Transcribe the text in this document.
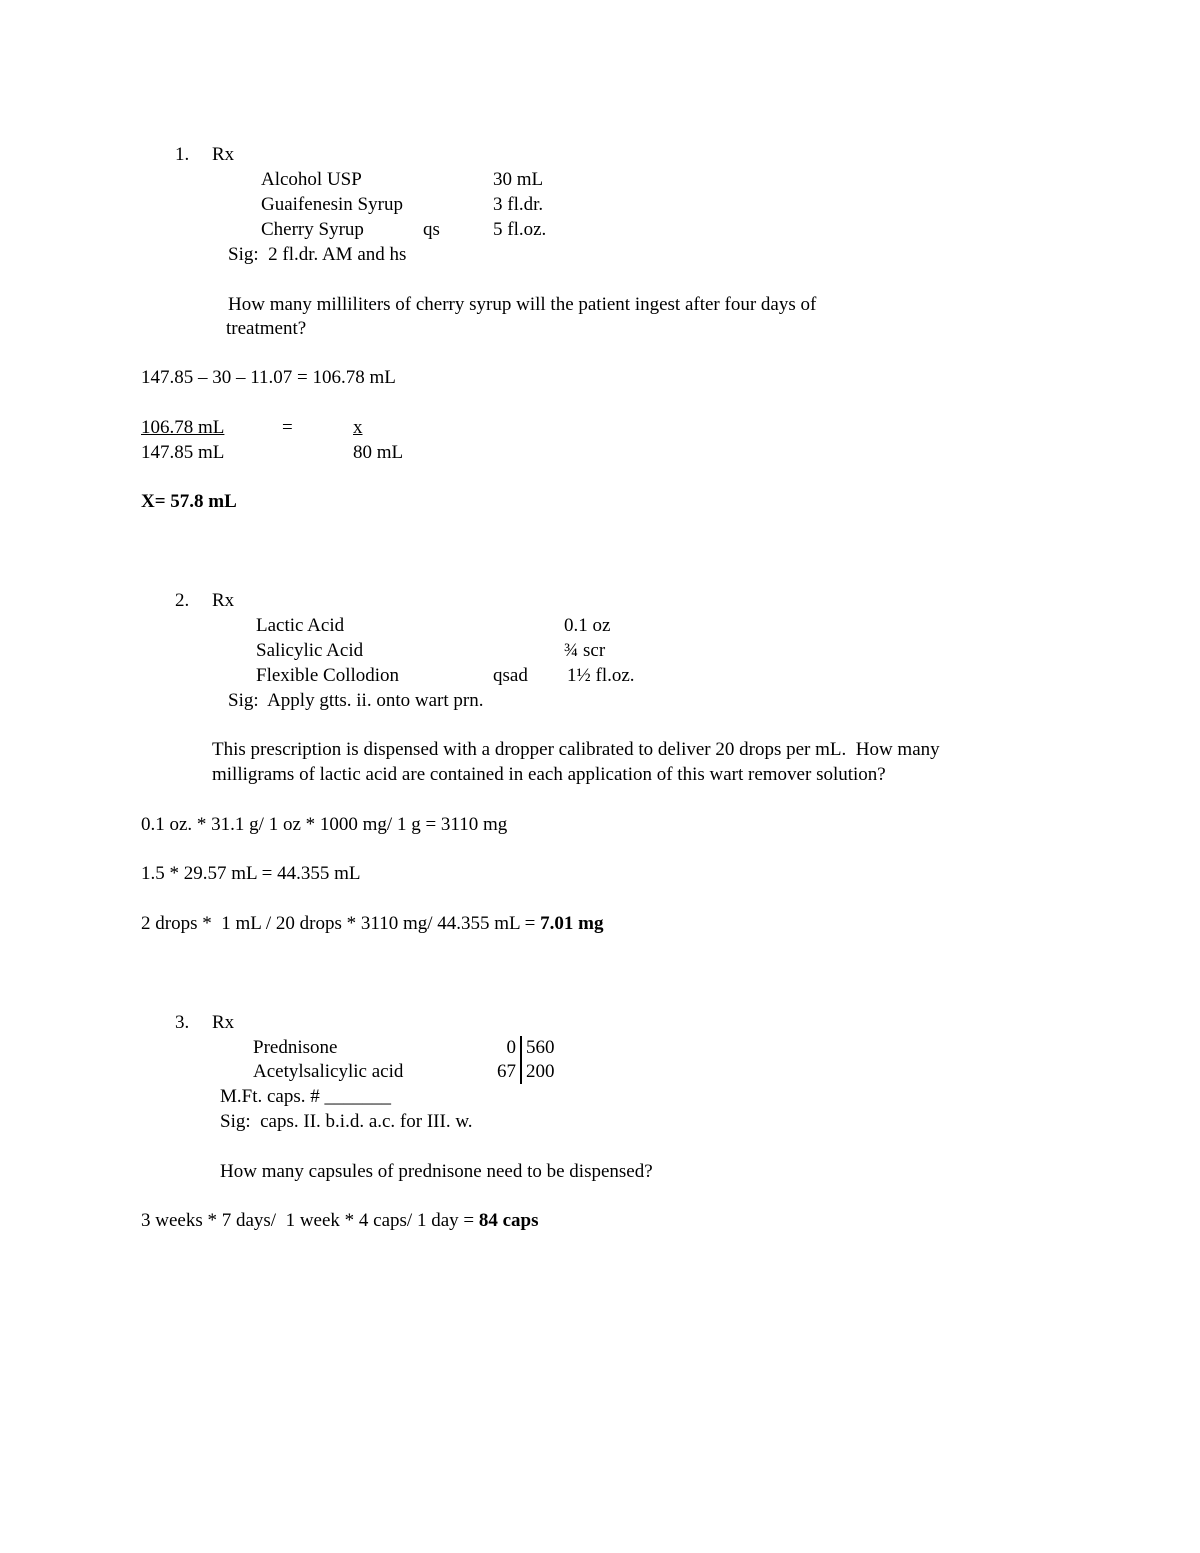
1. Rx
Alcohol USP	30 mL
Guaifenesin Syrup	3 fl.dr.
Cherry Syrup	qs	5 fl.oz.
Sig:  2 fl.dr. AM and hs
How many milliliters of cherry syrup will the patient ingest after four days of
treatment?
147.85 – 30 – 11.07 = 106.78 mL
106.78 mL	=	x
147.85 mL	80 mL
X= 57.8 mL
2. Rx
Lactic Acid	0.1 oz
Salicylic Acid	¾ scr
Flexible Collodion	qsad 1½ fl.oz.
Sig:  Apply gtts. ii. onto wart prn.
This prescription is dispensed with a dropper calibrated to deliver 20 drops per mL.  How many
milligrams of lactic acid are contained in each application of this wart remover solution?
0.1 oz. * 31.1 g/ 1 oz * 1000 mg/ 1 g = 3110 mg
1.5 * 29.57 mL = 44.355 mL
2 drops *  1 mL / 20 drops * 3110 mg/ 44.355 mL = 7.01 mg
3. Rx
Prednisone	0 560
Acetylsalicylic acid	67 200
M.Ft. caps. # _______
Sig:  caps. II. b.i.d. a.c. for III. w.
How many capsules of prednisone need to be dispensed?
3 weeks * 7 days/  1 week * 4 caps/ 1 day = 84 caps
